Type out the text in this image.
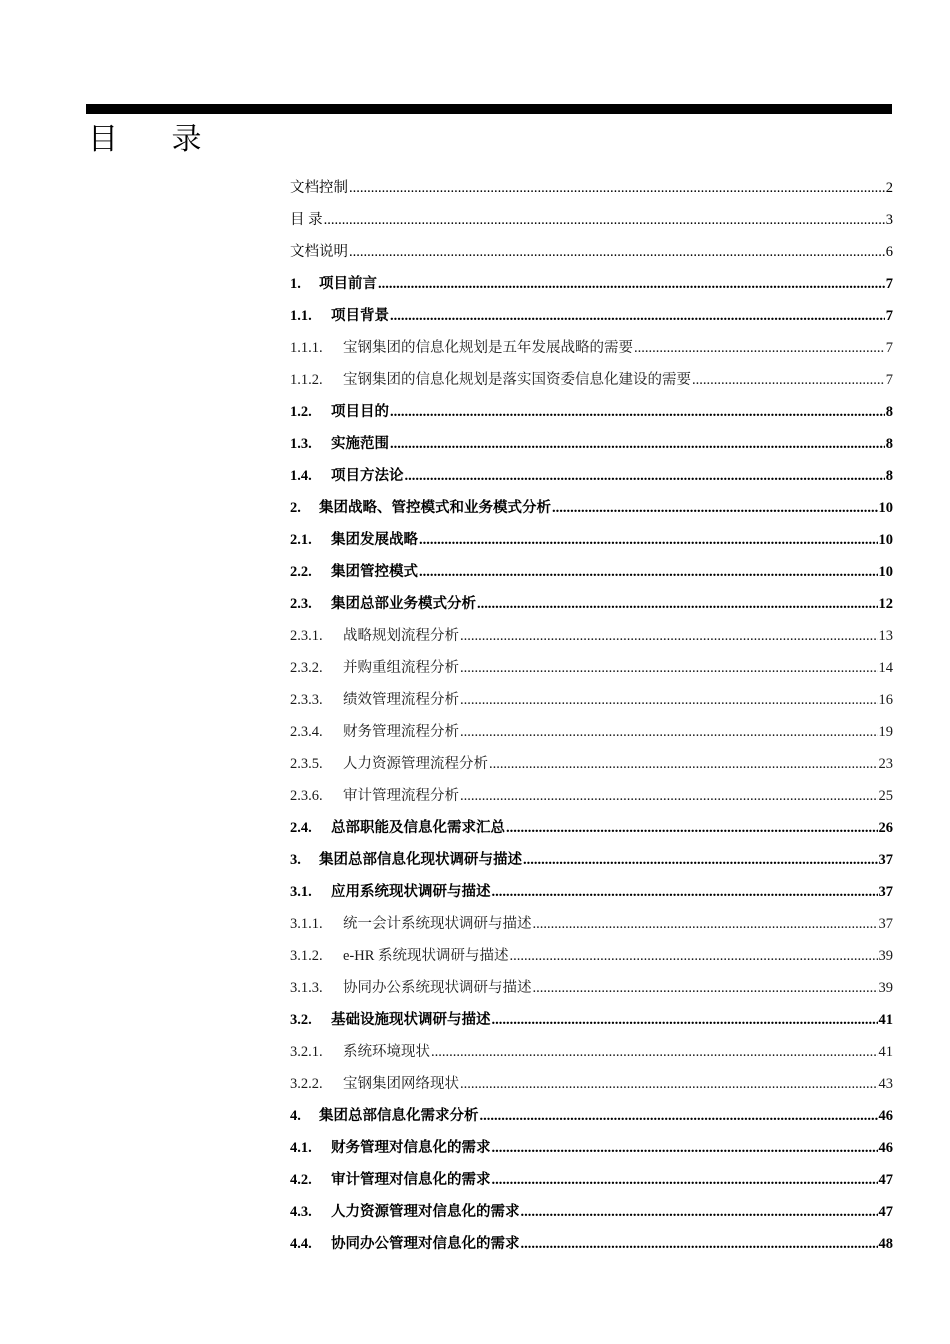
目 录
文档控制 .....	2
目 录 .....	3
文档说明 .....	6
1.	项目前言 .....	7
1.1.	项目背景 .....	7
1.1.1.	宝钢集团的信息化规划是五年发展战略的需要 .....	7
1.1.2.	宝钢集团的信息化规划是落实国资委信息化建设的需要 .....	7
1.2.	项目目的 .....	8
1.3.	实施范围 .....	8
1.4.	项目方法论 .....	8
2.	集团战略、管控模式和业务模式分析 .....	10
2.1.	集团发展战略 .....	10
2.2.	集团管控模式 .....	10
2.3.	集团总部业务模式分析 .....	12
2.3.1.	战略规划流程分析 .....	13
2.3.2.	并购重组流程分析 .....	14
2.3.3.	绩效管理流程分析 .....	16
2.3.4.	财务管理流程分析 .....	19
2.3.5.	人力资源管理流程分析 .....	23
2.3.6.	审计管理流程分析 .....	25
2.4.	总部职能及信息化需求汇总 .....	26
3.	集团总部信息化现状调研与描述 .....	37
3.1.	应用系统现状调研与描述 .....	37
3.1.1.	统一会计系统现状调研与描述 .....	37
3.1.2.	e-HR 系统现状调研与描述 .....	39
3.1.3.	协同办公系统现状调研与描述 .....	39
3.2.	基础设施现状调研与描述 .....	41
3.2.1.	系统环境现状 .....	41
3.2.2.	宝钢集团网络现状 .....	43
4.	集团总部信息化需求分析 .....	46
4.1.	财务管理对信息化的需求 .....	46
4.2.	审计管理对信息化的需求 .....	47
4.3.	人力资源管理对信息化的需求 .....	47
4.4.	协同办公管理对信息化的需求 .....	48
